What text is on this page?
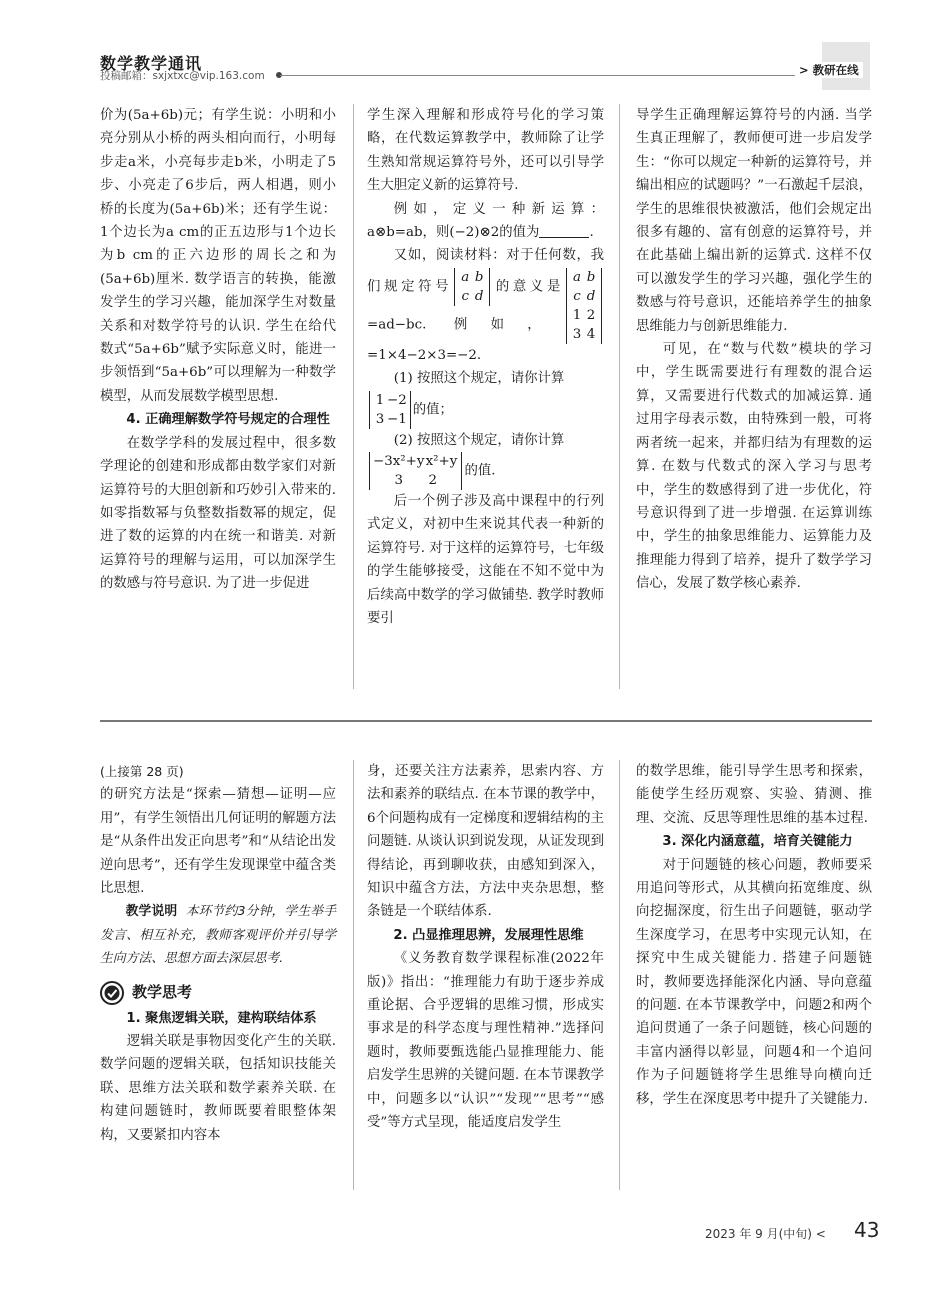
数学教学通讯
投稿邮箱：sxjxtxc@vip.163.com	> 教研在线

价为(5a+6b)元；有学生说：小明和小亮分别从小桥的两头相向而行，小明每步走a米，小亮每步走b米，小明走了5步、小亮走了6步后，两人相遇，则小桥的长度为(5a+6b)米；还有学生说：1个边长为a cm的正五边形与1个边长为b cm的正六边形的周长之和为(5a+6b)厘米. 数学语言的转换，能激发学生的学习兴趣，能加深学生对数量关系和对数学符号的认识. 学生在给代数式“5a+6b”赋予实际意义时，能进一步领悟到“5a+6b”可以理解为一种数学模型，从而发展数学模型思想.

4. 正确理解数学符号规定的合理性

在数学学科的发展过程中，很多数学理论的创建和形成都由数学家们对新运算符号的大胆创新和巧妙引入带来的. 如零指数幂与负整数指数幂的规定，促进了数的运算的内在统一和谐美. 对新运算符号的理解与运用，可以加深学生的数感与符号意识. 为了进一步促进

学生深入理解和形成符号化的学习策略，在代数运算教学中，教师除了让学生熟知常规运算符号外，还可以引导学生大胆定义新的运算符号.

例如，定义一种新运算：a⊗b=ab，则(−2)⊗2的值为	.

又如，阅读材料：对于任何数，我们规定符号a b
c d的意义是a b
c d=ad−bc. 例如，1 2
3 4=1×4−2×3=−2.

(1) 按照这个规定，请你计算

1 −2
3 −1的值；

(2) 按照这个规定，请你计算

−3x²+yx²+y
3 2的值.

后一个例子涉及高中课程中的行列式定义，对初中生来说其代表一种新的运算符号. 对于这样的运算符号，七年级的学生能够接受，这能在不知不觉中为后续高中数学的学习做铺垫. 教学时教师要引

导学生正确理解运算符号的内涵. 当学生真正理解了，教师便可进一步启发学生：“你可以规定一种新的运算符号，并编出相应的试题吗？”一石激起千层浪，学生的思维很快被激活，他们会规定出很多有趣的、富有创意的运算符号，并在此基础上编出新的运算式. 这样不仅可以激发学生的学习兴趣，强化学生的数感与符号意识，还能培养学生的抽象思维能力与创新思维能力.

可见，在“数与代数”模块的学习中，学生既需要进行有理数的混合运算，又需要进行代数式的加减运算. 通过用字母表示数，由特殊到一般，可将两者统一起来，并都归结为有理数的运算. 在数与代数式的深入学习与思考中，学生的数感得到了进一步优化，符号意识得到了进一步增强. 在运算训练中，学生的抽象思维能力、运算能力及推理能力得到了培养，提升了数学学习信心，发展了数学核心素养.

(上接第 28 页)

的研究方法是“探索—猜想—证明—应用”，有学生领悟出几何证明的解题方法是“从条件出发正向思考”和“从结论出发逆向思考”，还有学生发现课堂中蕴含类比思想.

教学说明 本环节约3分钟，学生举手发言、相互补充，教师客观评价并引导学生向方法、思想方面去深层思考.

教学思考
1. 聚焦逻辑关联，建构联结体系

逻辑关联是事物因变化产生的关联. 数学问题的逻辑关联，包括知识技能关联、思维方法关联和数学素养关联. 在构建问题链时，教师既要着眼整体架构，又要紧扣内容本

身，还要关注方法素养，思索内容、方法和素养的联结点. 在本节课的教学中，6个问题构成有一定梯度和逻辑结构的主问题链. 从谈认识到说发现，从证发现到得结论，再到聊收获，由感知到深入，知识中蕴含方法，方法中夹杂思想，整条链是一个联结体系.

2. 凸显推理思辨，发展理性思维

《义务教育数学课程标准(2022年版)》指出：“推理能力有助于逐步养成重论据、合乎逻辑的思维习惯，形成实事求是的科学态度与理性精神.”选择问题时，教师要甄选能凸显推理能力、能启发学生思辨的关键问题. 在本节课教学中，问题多以“认识”“发现”“思考”“感受”等方式呈现，能适度启发学生

的数学思维，能引导学生思考和探索，能使学生经历观察、实验、猜测、推理、交流、反思等理性思维的基本过程.

3. 深化内涵意蕴，培育关键能力

对于问题链的核心问题，教师要采用追问等形式，从其横向拓宽维度、纵向挖掘深度，衍生出子问题链，驱动学生深度学习，在思考中实现元认知，在探究中生成关键能力. 搭建子问题链时，教师要选择能深化内涵、导向意蕴的问题. 在本节课教学中，问题2和两个追问贯通了一条子问题链，核心问题的丰富内涵得以彰显，问题4和一个追问作为子问题链将学生思维导向横向迁移，学生在深度思考中提升了关键能力.

2023 年 9 月(中旬) < 43
